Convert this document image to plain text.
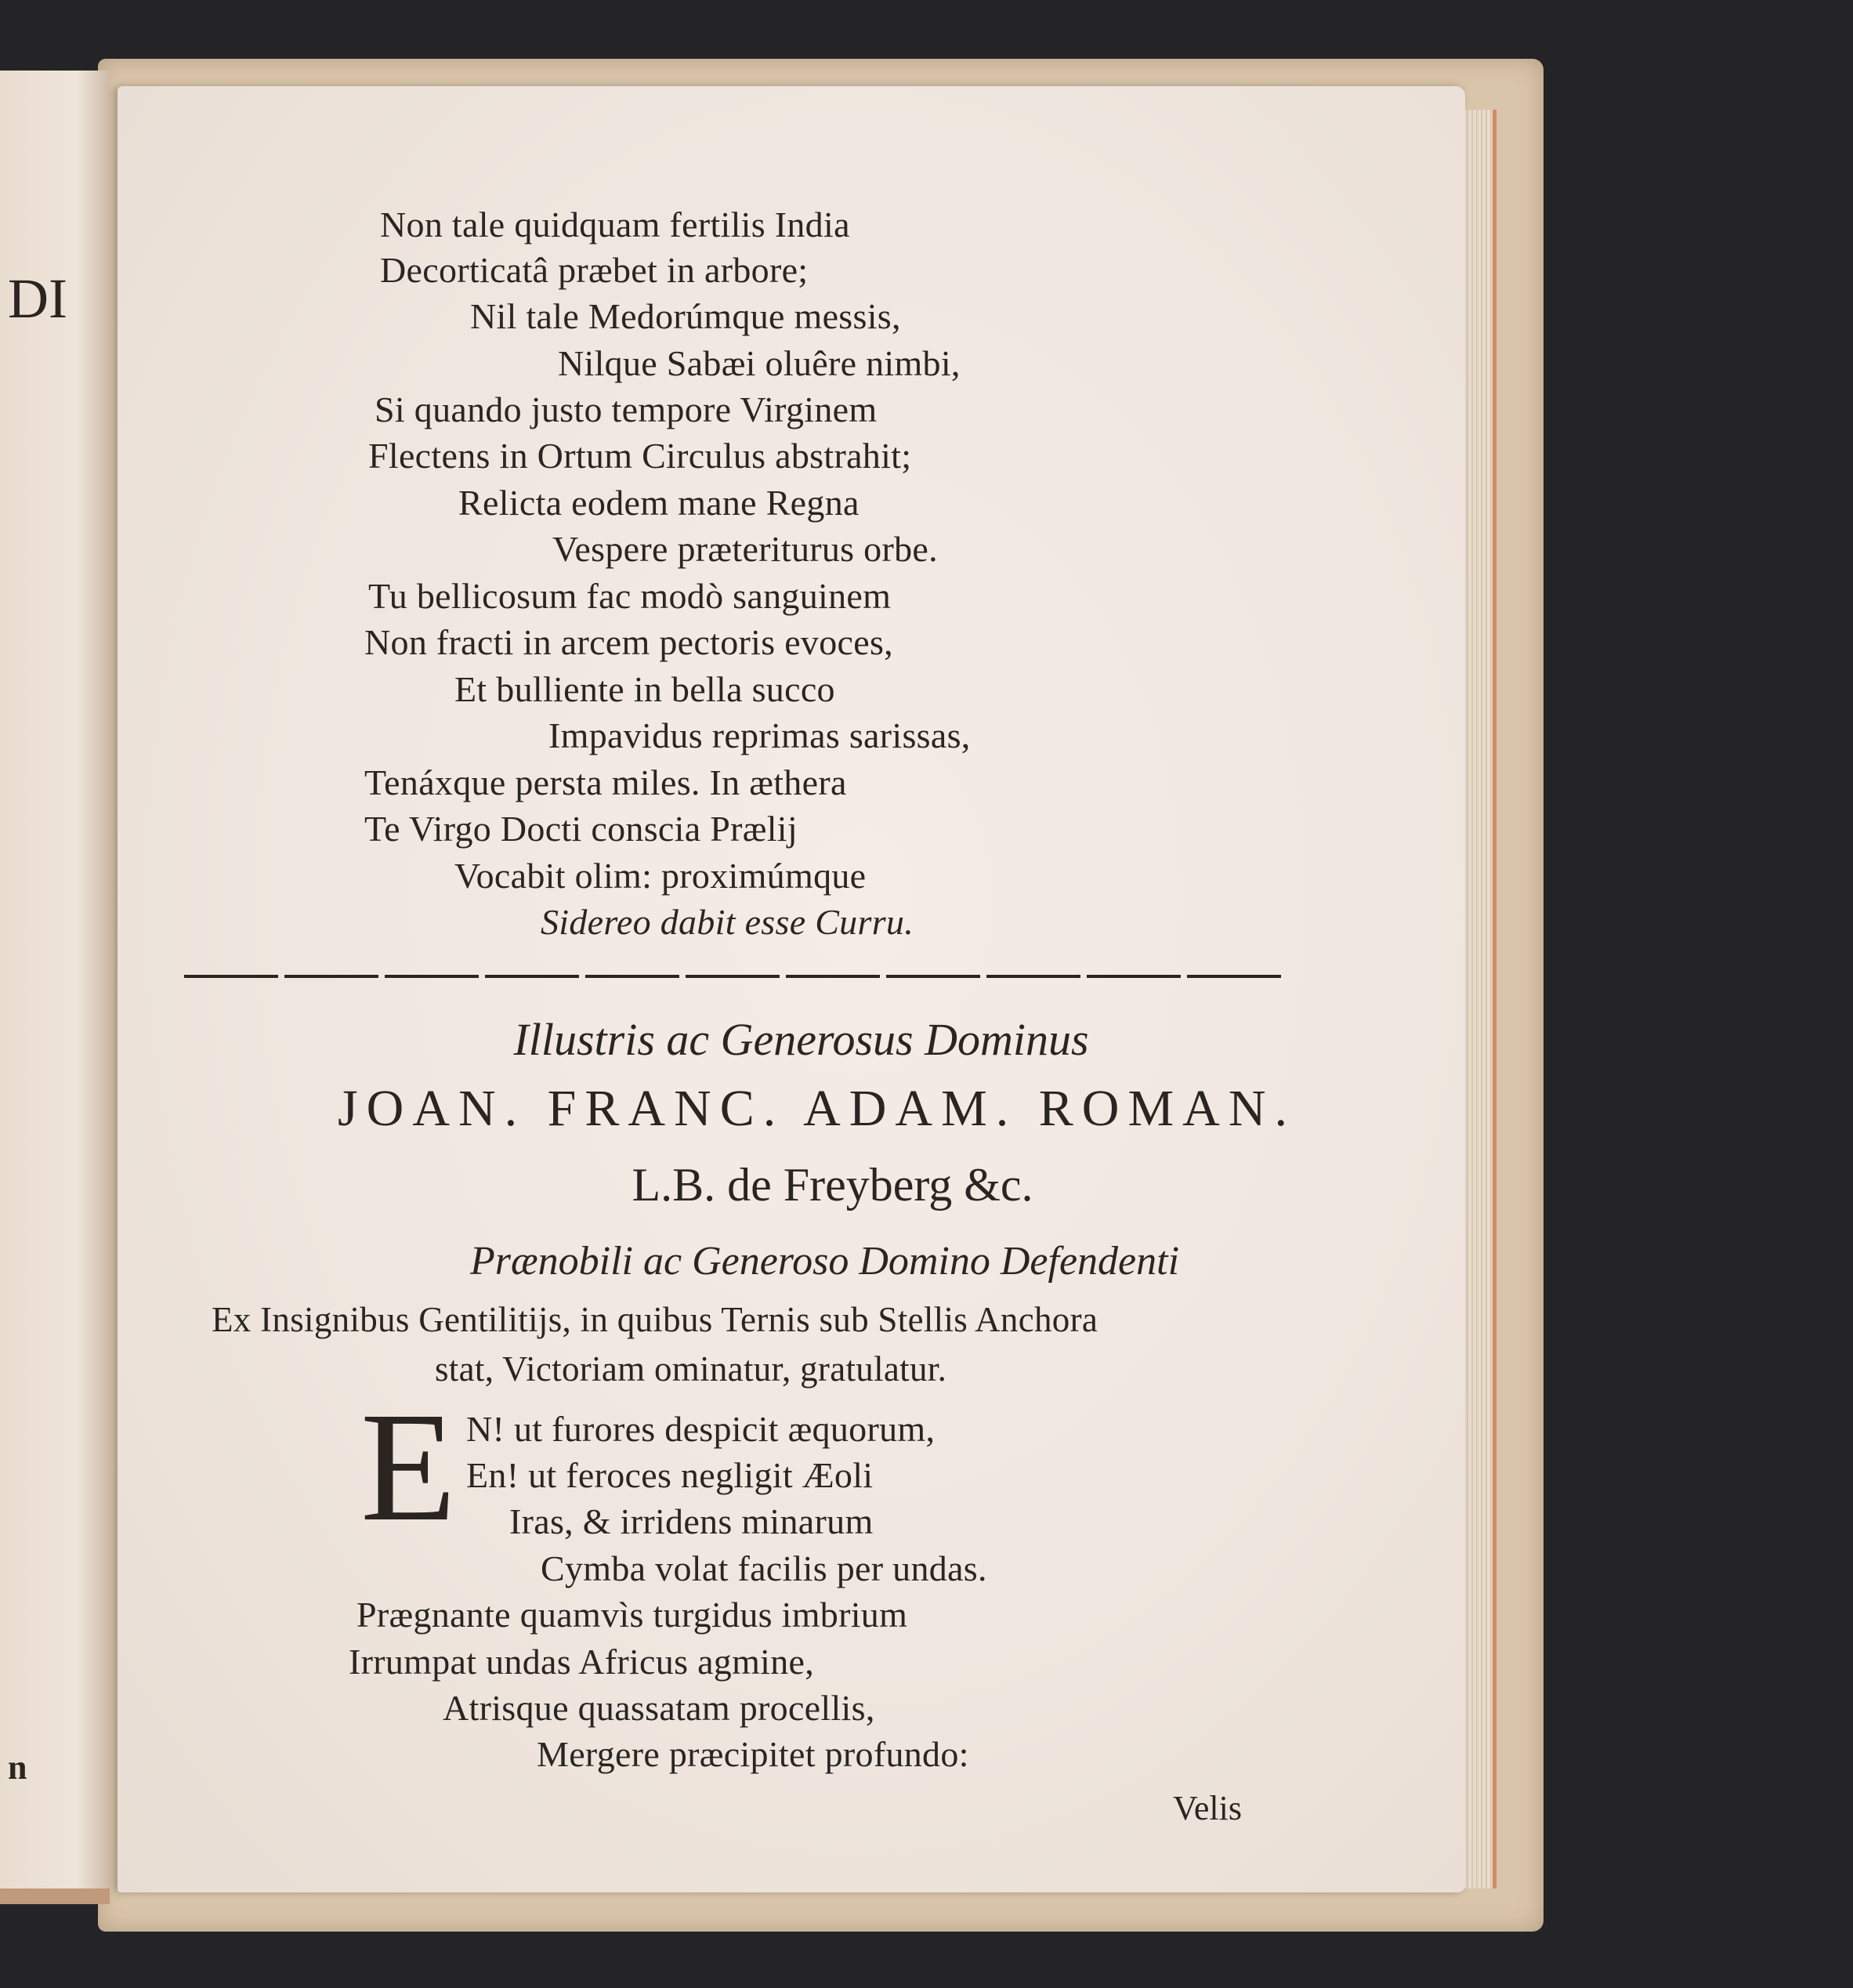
DI
n
Non tale quidquam fertilis India
Decorticatâ præbet in arbore;
Nil tale Medorúmque messis,
Nilque Sabæi oluêre nimbi,
Si quando justo tempore Virginem
Flectens in Ortum Circulus abstrahit;
Relicta eodem mane Regna
Vespere præteriturus orbe.
Tu bellicosum fac modò sanguinem
Non fracti in arcem pectoris evoces,
Et bulliente in bella succo
Impavidus reprimas sarissas,
Tenáxque persta miles. In æthera
Te Virgo Docti conscia Prælij
Vocabit olim: proximúmque
Sidereo dabit esse Curru.
Illustris ac Generosus Dominus
JOAN. FRANC. ADAM. ROMAN.
L.B. de Freyberg &c.
Prænobili ac Generoso Domino Defendenti
Ex Insignibus Gentilitijs, in quibus Ternis sub Stellis Anchora
stat, Victoriam ominatur, gratulatur.
E N! ut furores despicit æquorum,
En! ut feroces negligit Æoli
Iras, & irridens minarum
Cymba volat facilis per undas.
Prægnante quamvìs turgidus imbrium
Irrumpat undas Africus agmine,
Atrisque quassatam procellis,
Mergere præcipitet profundo:
Velis
